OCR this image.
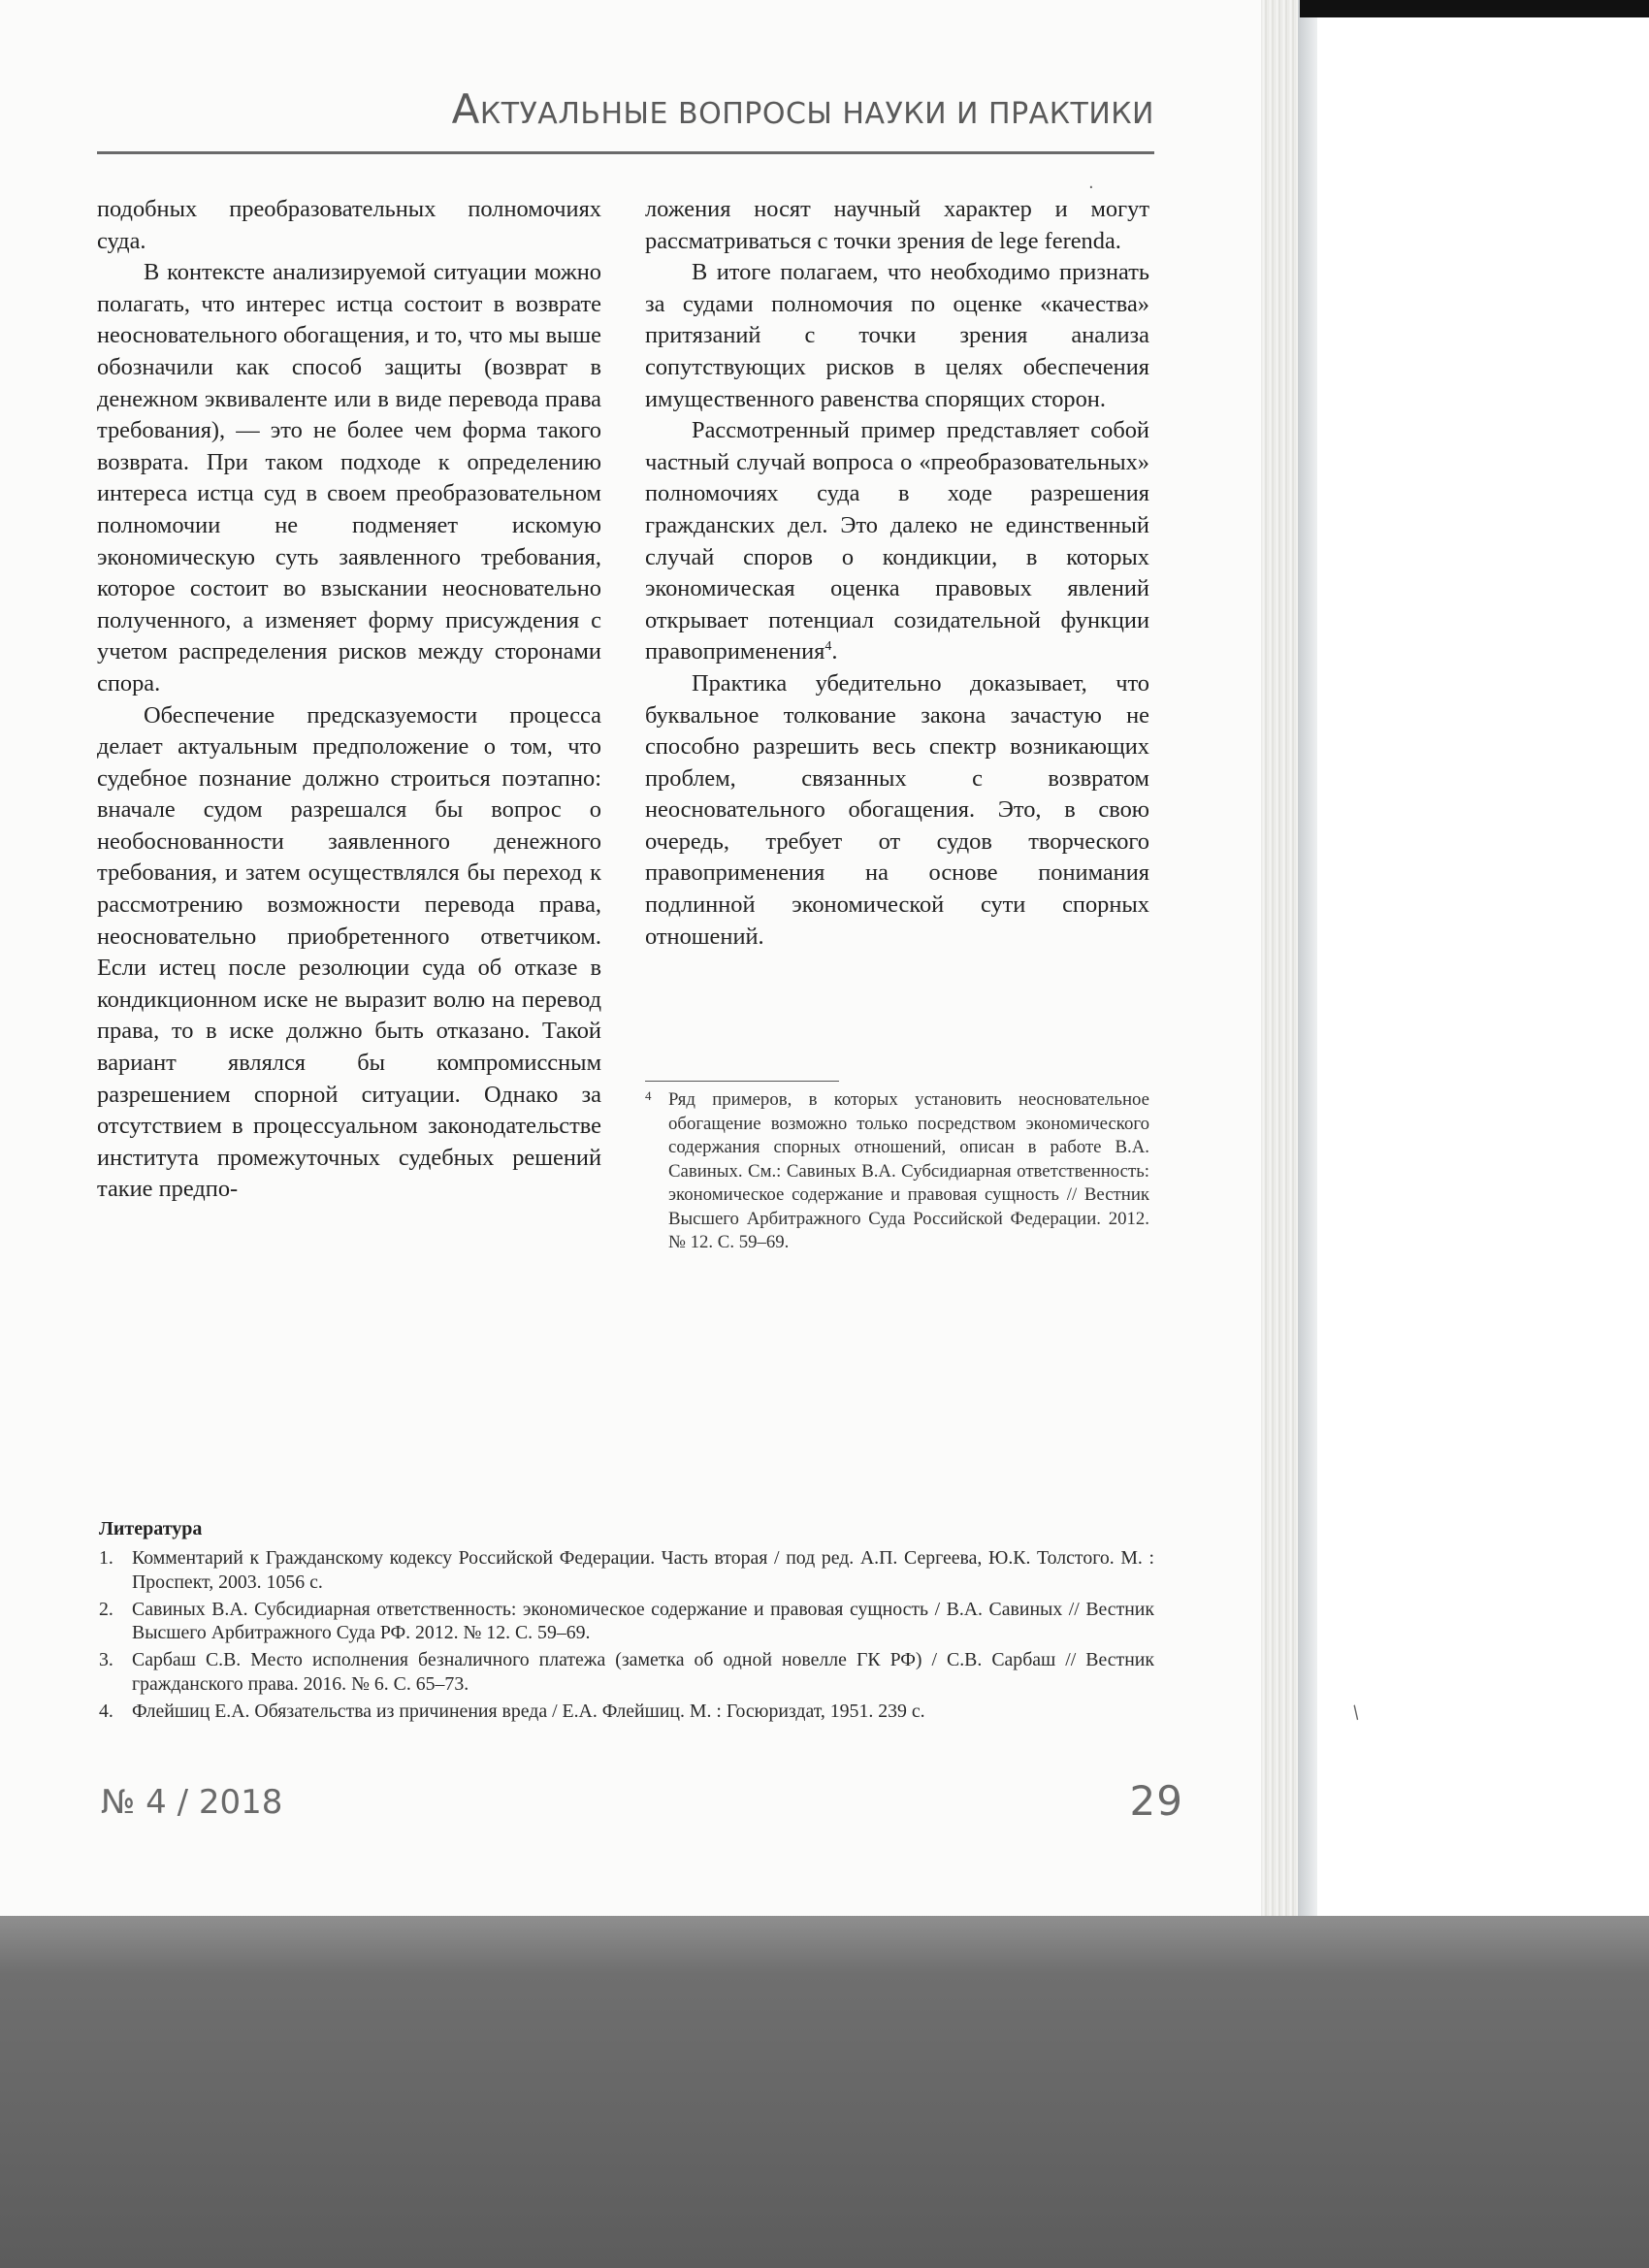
·
/
АКТУАЛЬНЫЕ ВОПРОСЫ НАУКИ И ПРАКТИКИ

подобных преобразовательных полномочиях суда.

В контексте анализируемой ситуации можно полагать, что интерес истца состоит в возврате неосновательного обогащения, и то, что мы выше обозначили как способ защиты (возврат в денежном эквиваленте или в виде перевода права требования), — это не более чем форма такого возврата. При таком подходе к определению интереса истца суд в своем преобразовательном полномочии не подменяет искомую экономическую суть заявленного требования, которое состоит во взыскании неосновательно полученного, а изменяет форму присуждения с учетом распределения рисков между сторонами спора.

Обеспечение предсказуемости процесса делает актуальным предположение о том, что судебное познание должно строиться поэтапно: вначале судом разрешался бы вопрос о необоснованности заявленного денежного требования, и затем осуществлялся бы переход к рассмотрению возможности перевода права, неосновательно приобретенного ответчиком. Если истец после резолюции суда об отказе в кондикционном иске не выразит волю на перевод права, то в иске должно быть отказано. Такой вариант являлся бы компромиссным разрешением спорной ситуации. Однако за отсутствием в процессуальном законодательстве института промежуточных судебных решений такие предпо-

ложения носят научный характер и могут рассматриваться с точки зрения de lege ferenda.

В итоге полагаем, что необходимо признать за судами полномочия по оценке «качества» притязаний с точки зрения анализа сопутствующих рисков в целях обеспечения имущественного равенства спорящих сторон.

Рассмотренный пример представляет собой частный случай вопроса о «преобразовательных» полномочиях суда в ходе разрешения гражданских дел. Это далеко не единственный случай споров о кондикции, в которых экономическая оценка правовых явлений открывает потенциал созидательной функции правоприменения$^4$.

Практика убедительно доказывает, что буквальное толкование закона зачастую не способно разрешить весь спектр возникающих проблем, связанных с возвратом неосновательного обогащения. Это, в свою очередь, требует от судов творческого правоприменения на основе понимания подлинной экономической сути спорных отношений.

4 Ряд примеров, в которых установить неосновательное обогащение возможно только посредством экономического содержания спорных отношений, описан в работе В.А. Савиных. См.: Савиных В.А. Субсидиарная ответственность: экономическое содержание и правовая сущность // Вестник Высшего Арбитражного Суда Российской Федерации. 2012. № 12. С. 59–69.
Литература
1. Комментарий к Гражданскому кодексу Российской Федерации. Часть вторая / под ред. А.П. Сергеева, Ю.К. Толстого. М. : Проспект, 2003. 1056 с.
2. Савиных В.А. Субсидиарная ответственность: экономическое содержание и правовая сущность / В.А. Савиных // Вестник Высшего Арбитражного Суда РФ. 2012. № 12. С. 59–69.
3. Сарбаш С.В. Место исполнения безналичного платежа (заметка об одной новелле ГК РФ) / С.В. Сарбаш // Вестник гражданского права. 2016. № 6. С. 65–73.
4. Флейшиц Е.А. Обязательства из причинения вреда / Е.А. Флейшиц. М. : Госюриздат, 1951. 239 с.
№ 4 / 2018	29
